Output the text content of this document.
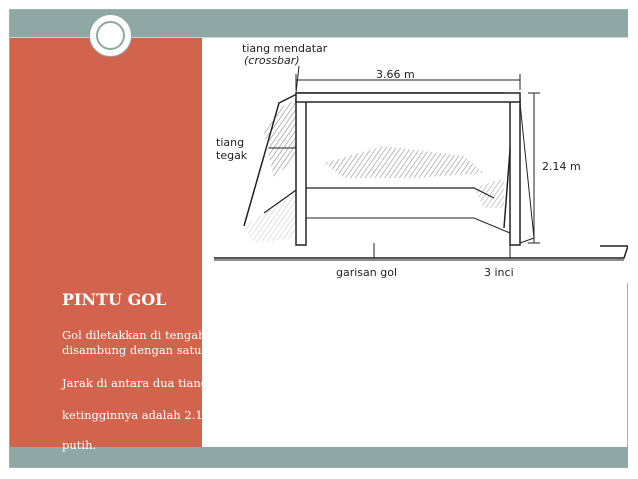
tiang mendatar
(crossbar)
3.66 m
tiang
tegak
2.14 m
garisan gol	3 inci
PINTU GOL
Gol diletakkan di tengah garisan belakang. Ia dibuat dengan dua tiang gol tengah yang disambung dengan satu tiang mendatar (crossbar).
Jarak di antara dua tiang tengah adalah 3.66 meter manakala
ketingginnya adalah 2.14 meter. Semua tiang di cat dengan warna
putih.
